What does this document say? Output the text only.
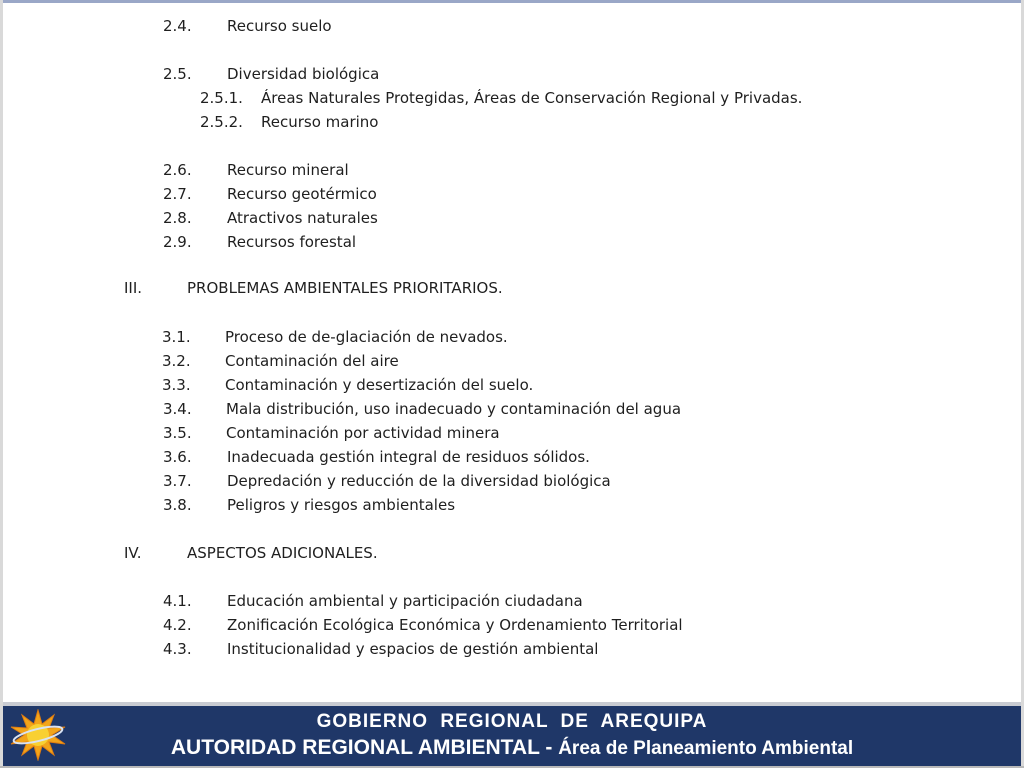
2.4. Recurso suelo
2.5. Diversidad biológica
2.5.1. Áreas Naturales Protegidas, Áreas de Conservación Regional y Privadas.
2.5.2. Recurso marino
2.6. Recurso mineral
2.7. Recurso geotérmico
2.8. Atractivos naturales
2.9. Recursos forestal
III.	PROBLEMAS AMBIENTALES PRIORITARIOS.
3.1. Proceso de de-glaciación de nevados.
3.2. Contaminación del aire
3.3. Contaminación y desertización del suelo.
3.4. Mala distribución, uso inadecuado y contaminación del agua
3.5. Contaminación por actividad minera
3.6. Inadecuada gestión integral de residuos sólidos.
3.7. Depredación y reducción de la diversidad biológica
3.8. Peligros y riesgos ambientales
IV.	ASPECTOS ADICIONALES.
4.1. Educación ambiental y participación ciudadana
4.2. Zonificación Ecológica Económica y Ordenamiento Territorial
4.3. Institucionalidad y espacios de gestión ambiental
GOBIERNO REGIONAL DE AREQUIPA
AUTORIDAD REGIONAL AMBIENTAL - Área de Planeamiento Ambiental
